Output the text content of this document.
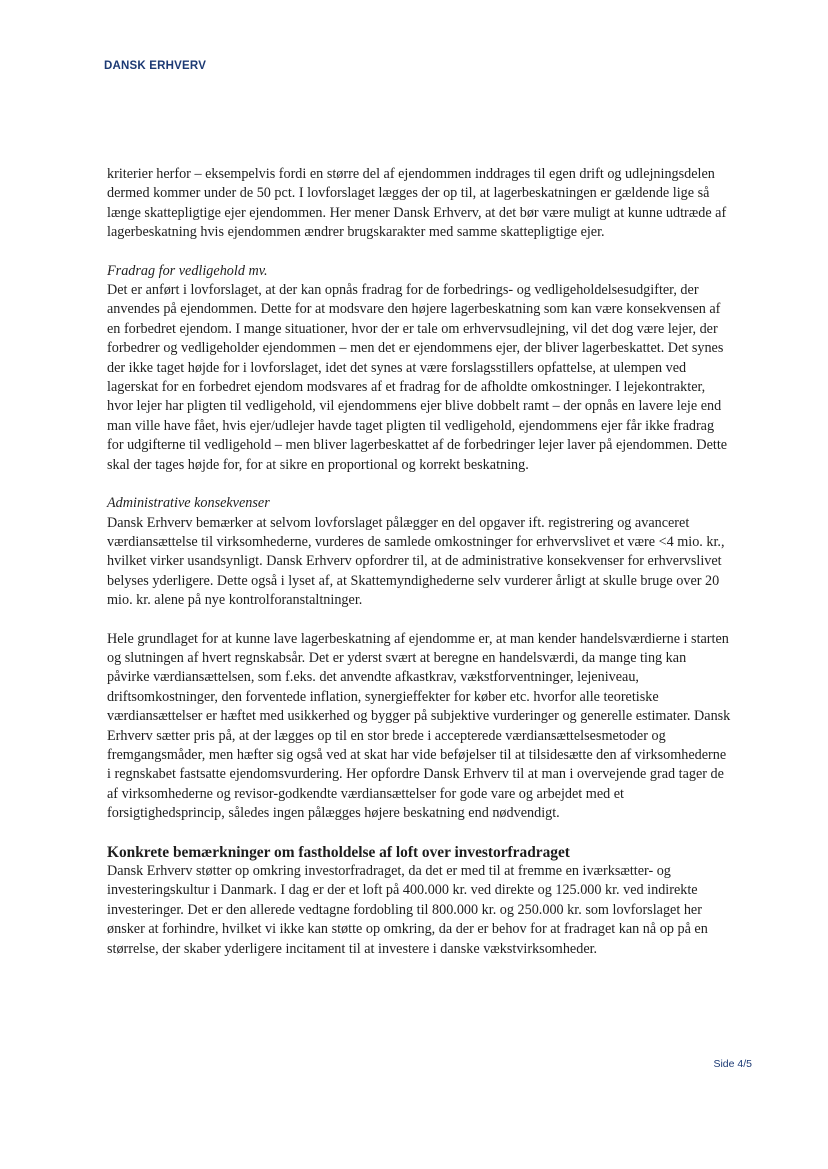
DANSK ERHVERV

kriterier herfor – eksempelvis fordi en større del af ejendommen inddrages til egen drift og udlejningsdelen dermed kommer under de 50 pct. I lovforslaget lægges der op til, at lagerbeskatningen er gældende lige så længe skattepligtige ejer ejendommen. Her mener Dansk Erhverv, at det bør være muligt at kunne udtræde af lagerbeskatning hvis ejendommen ændrer brugskarakter med samme skattepligtige ejer.

Fradrag for vedligehold mv.

Det er anført i lovforslaget, at der kan opnås fradrag for de forbedrings- og vedligeholdelsesudgifter, der anvendes på ejendommen. Dette for at modsvare den højere lagerbeskatning som kan være konsekvensen af en forbedret ejendom. I mange situationer, hvor der er tale om erhvervsudlejning, vil det dog være lejer, der forbedrer og vedligeholder ejendommen – men det er ejendommens ejer, der bliver lagerbeskattet. Det synes der ikke taget højde for i lovforslaget, idet det synes at være forslagsstillers opfattelse, at ulempen ved lagerskat for en forbedret ejendom modsvares af et fradrag for de afholdte omkostninger. I lejekontrakter, hvor lejer har pligten til vedligehold, vil ejendommens ejer blive dobbelt ramt – der opnås en lavere leje end man ville have fået, hvis ejer/udlejer havde taget pligten til vedligehold, ejendommens ejer får ikke fradrag for udgifterne til vedligehold – men bliver lagerbeskattet af de forbedringer lejer laver på ejendommen. Dette skal der tages højde for, for at sikre en proportional og korrekt beskatning.

Administrative konsekvenser

Dansk Erhverv bemærker at selvom lovforslaget pålægger en del opgaver ift. registrering og avanceret værdiansættelse til virksomhederne, vurderes de samlede omkostninger for erhvervslivet et være <4 mio. kr., hvilket virker usandsynligt. Dansk Erhverv opfordrer til, at de administrative konsekvenser for erhvervslivet belyses yderligere. Dette også i lyset af, at Skattemyndighederne selv vurderer årligt at skulle bruge over 20 mio. kr. alene på nye kontrolforanstaltninger.

Hele grundlaget for at kunne lave lagerbeskatning af ejendomme er, at man kender handelsværdierne i starten og slutningen af hvert regnskabsår. Det er yderst svært at beregne en handelsværdi, da mange ting kan påvirke værdiansættelsen, som f.eks. det anvendte afkastkrav, vækstforventninger, lejeniveau, driftsomkostninger, den forventede inflation, synergieffekter for køber etc. hvorfor alle teoretiske værdiansættelser er hæftet med usikkerhed og bygger på subjektive vurderinger og generelle estimater. Dansk Erhverv sætter pris på, at der lægges op til en stor brede i accepterede værdiansættelsesmetoder og fremgangsmåder, men hæfter sig også ved at skat har vide beføjelser til at tilsidesætte den af virksomhederne i regnskabet fastsatte ejendomsvurdering. Her opfordre Dansk Erhverv til at man i overvejende grad tager de af virksomhederne og revisor-godkendte værdiansættelser for gode vare og arbejdet med et forsigtighedsprincip, således ingen pålægges højere beskatning end nødvendigt.

Konkrete bemærkninger om fastholdelse af loft over investorfradraget

Dansk Erhverv støtter op omkring investorfradraget, da det er med til at fremme en iværksætter- og investeringskultur i Danmark. I dag er der et loft på 400.000 kr. ved direkte og 125.000 kr. ved indirekte investeringer. Det er den allerede vedtagne fordobling til 800.000 kr. og 250.000 kr. som lovforslaget her ønsker at forhindre, hvilket vi ikke kan støtte op omkring, da der er behov for at fradraget kan nå op på en størrelse, der skaber yderligere incitament til at investere i danske vækstvirksomheder.

Side 4/5
